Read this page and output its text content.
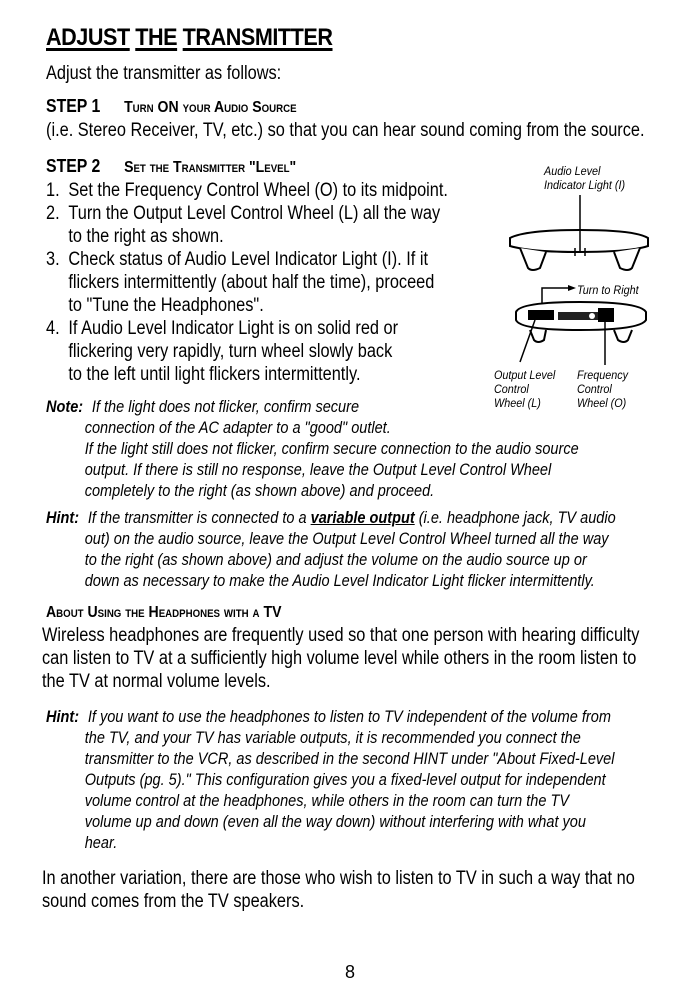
ADJUST THE TRANSMITTER
Adjust the transmitter as follows:
STEP 1 Turn ON your Audio Source
(i.e. Stereo Receiver, TV, etc.) so that you can hear sound coming from the source.
STEP 2 Set the Transmitter "Level"
1. Set the Frequency Control Wheel (O) to its midpoint.
2. Turn the Output Level Control Wheel (L) all the way
to the right as shown.
3. Check status of Audio Level Indicator Light (I). If it
flickers intermittently (about half the time), proceed
to "Tune the Headphones".
4. If Audio Level Indicator Light is on solid red or
flickering very rapidly, turn wheel slowly back
to the left until light flickers intermittently.
Audio Level
Indicator Light (I)
Turn to Right
Output Level
Control
Wheel (L)
Frequency
Control
Wheel (O)
Note: If the light does not flicker, confirm secure
connection of the AC adapter to a "good" outlet.
If the light still does not flicker, confirm secure connection to the audio source
output. If there is still no response, leave the Output Level Control Wheel
completely to the right (as shown above) and proceed.
Hint: If the transmitter is connected to a variable output (i.e. headphone jack, TV audio
out) on the audio source, leave the Output Level Control Wheel turned all the way
to the right (as shown above) and adjust the volume on the audio source up or
down as necessary to make the Audio Level Indicator Light flicker intermittently.
About Using the Headphones with a TV
Wireless headphones are frequently used so that one person with hearing difficulty
can listen to TV at a sufficiently high volume level while others in the room listen to
the TV at normal volume levels.
Hint: If you want to use the headphones to listen to TV independent of the volume from
the TV, and your TV has variable outputs, it is recommended you connect the
transmitter to the VCR, as described in the second HINT under "About Fixed-Level
Outputs (pg. 5)." This configuration gives you a fixed-level output for independent
volume control at the headphones, while others in the room can turn the TV
volume up and down (even all the way down) without interfering with what you
hear.
In another variation, there are those who wish to listen to TV in such a way that no
sound comes from the TV speakers.
8
